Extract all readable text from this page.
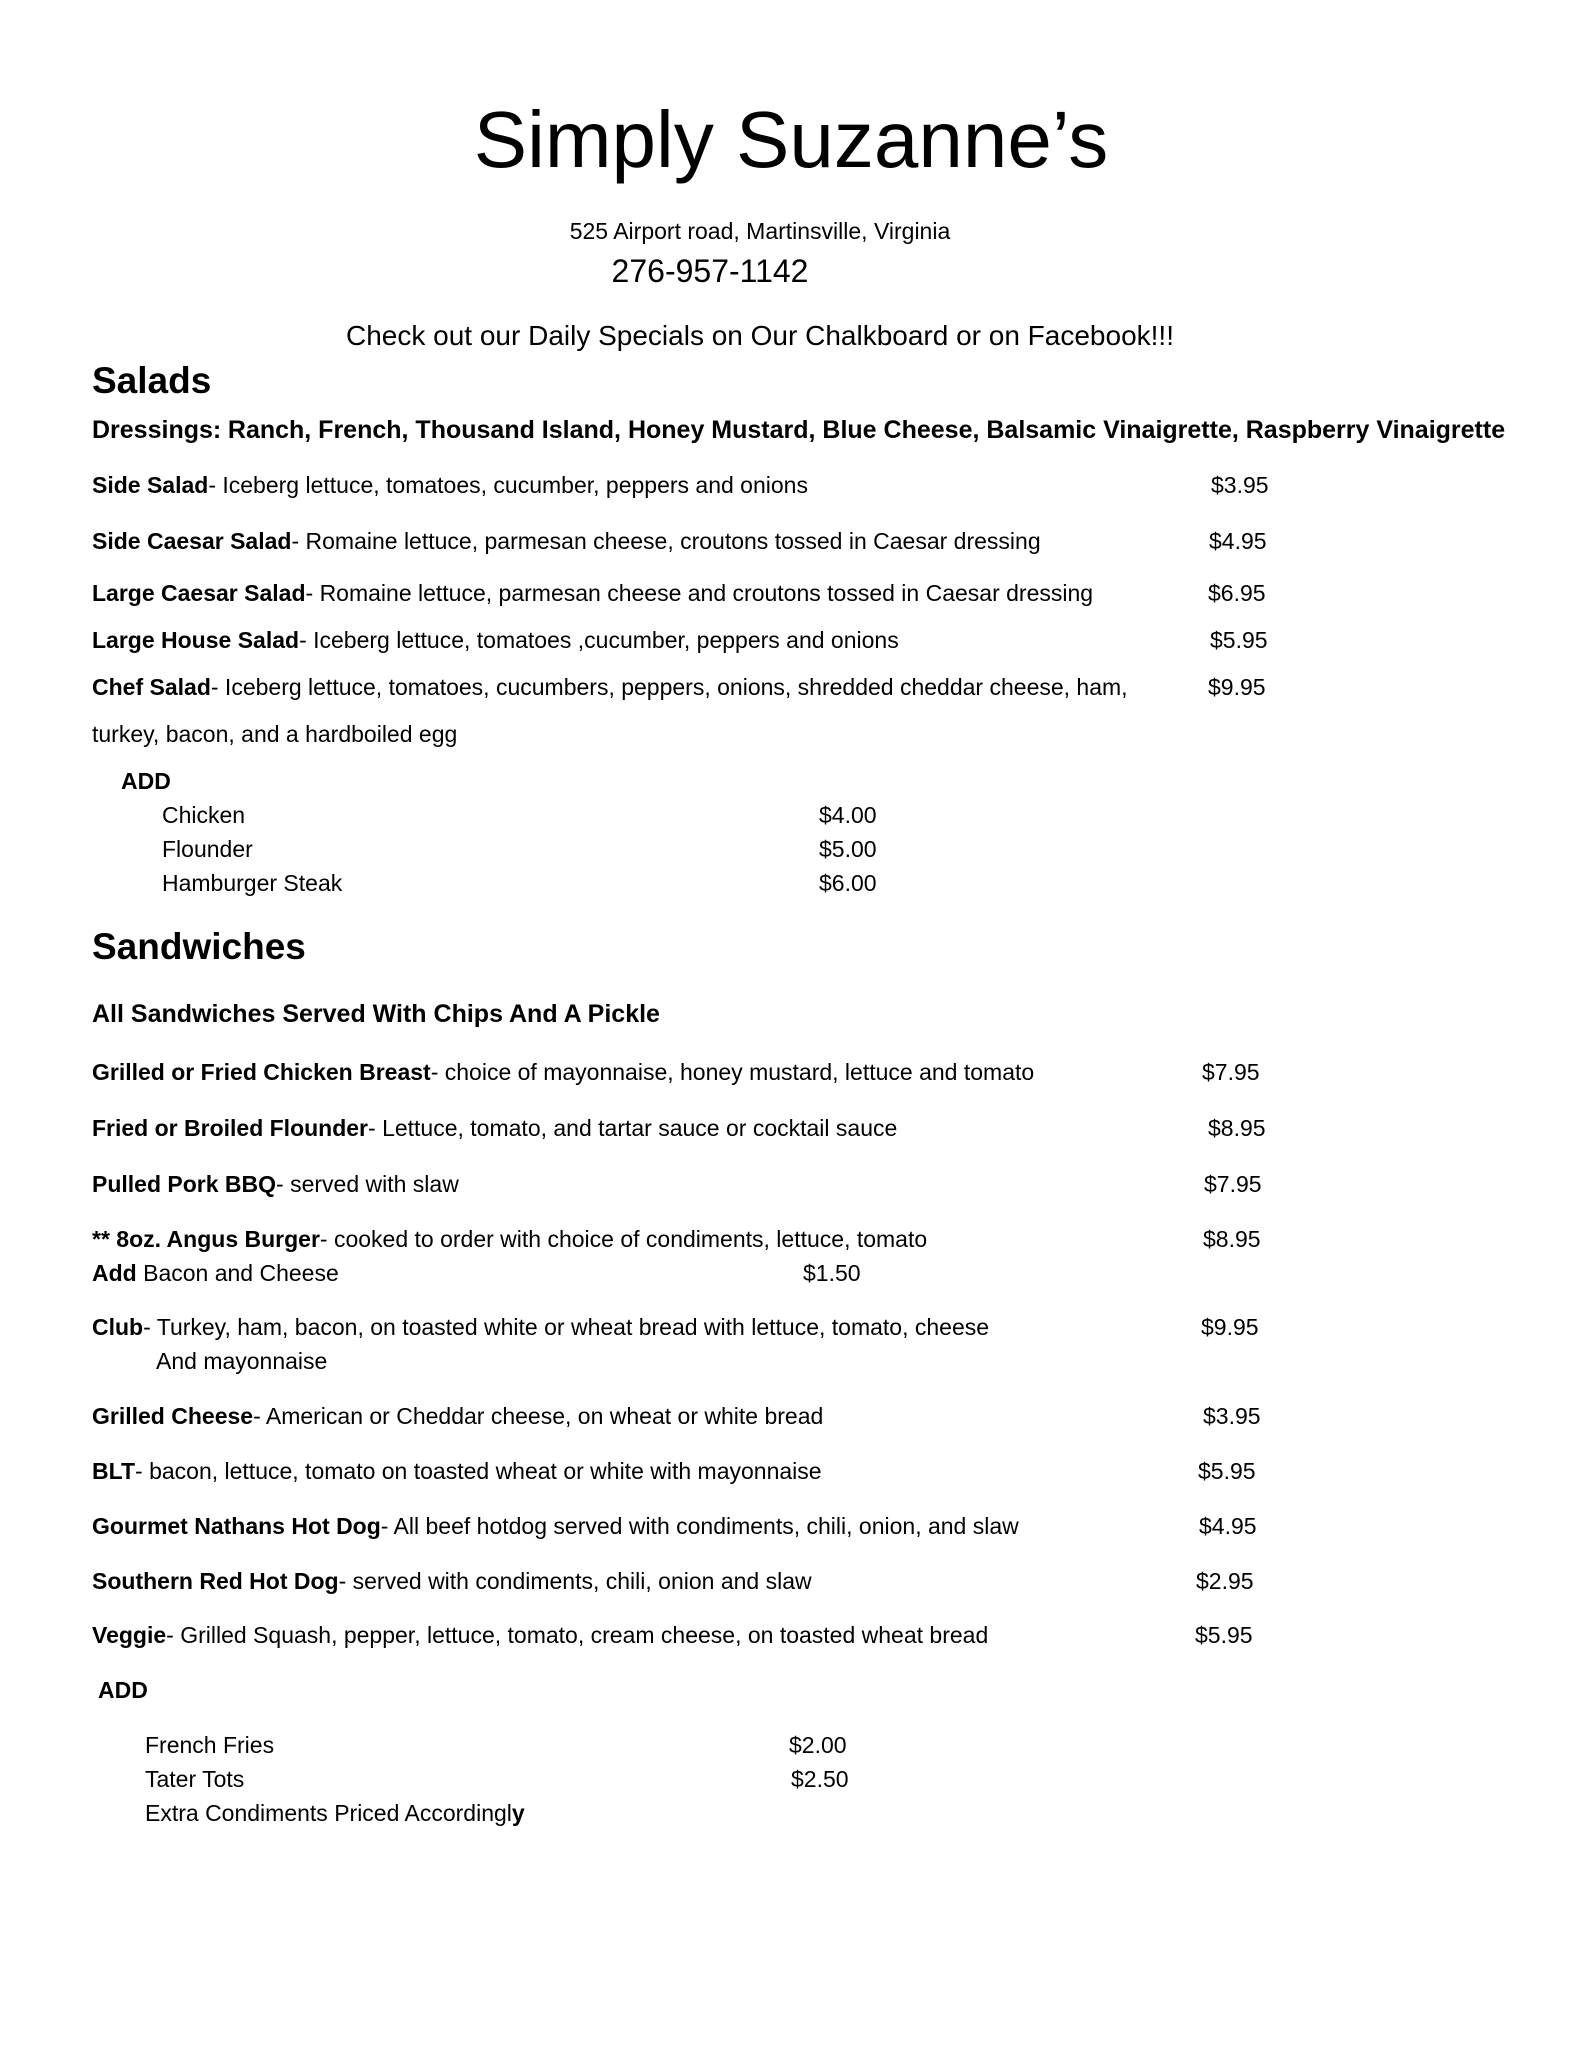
Simply Suzanne’s
525 Airport road, Martinsville, Virginia
276-957-1142
Check out our Daily Specials on Our Chalkboard or on Facebook!!!
Salads
Dressings: Ranch, French, Thousand Island, Honey Mustard, Blue Cheese, Balsamic Vinaigrette, Raspberry Vinaigrette
Side Salad- Iceberg lettuce, tomatoes, cucumber, peppers and onions	$3.95
Side Caesar Salad- Romaine lettuce, parmesan cheese, croutons tossed in Caesar dressing	$4.95
Large Caesar Salad- Romaine lettuce, parmesan cheese and croutons tossed in Caesar dressing	$6.95
Large House Salad- Iceberg lettuce, tomatoes ,cucumber, peppers and onions	$5.95
Chef Salad- Iceberg lettuce, tomatoes, cucumbers, peppers, onions, shredded cheddar cheese, ham,	$9.95
turkey, bacon, and a hardboiled egg
ADD
Chicken	$4.00
Flounder	$5.00
Hamburger Steak	$6.00
Sandwiches
All Sandwiches Served With Chips And A Pickle
Grilled or Fried Chicken Breast- choice of mayonnaise, honey mustard, lettuce and tomato	$7.95
Fried or Broiled Flounder- Lettuce, tomato, and tartar sauce or cocktail sauce	$8.95
Pulled Pork BBQ- served with slaw	$7.95
** 8oz. Angus Burger- cooked to order with choice of condiments, lettuce, tomato	$8.95
Add Bacon and Cheese	$1.50
Club- Turkey, ham, bacon, on toasted white or wheat bread with lettuce, tomato, cheese	$9.95
And mayonnaise
Grilled Cheese- American or Cheddar cheese, on wheat or white bread	$3.95
BLT- bacon, lettuce, tomato on toasted wheat or white with mayonnaise	$5.95
Gourmet Nathans Hot Dog- All beef hotdog served with condiments, chili, onion, and slaw	$4.95
Southern Red Hot Dog- served with condiments, chili, onion and slaw	$2.95
Veggie- Grilled Squash, pepper, lettuce, tomato, cream cheese, on toasted wheat bread	$5.95
ADD
French Fries	$2.00
Tater Tots	$2.50
Extra Condiments Priced Accordingly
